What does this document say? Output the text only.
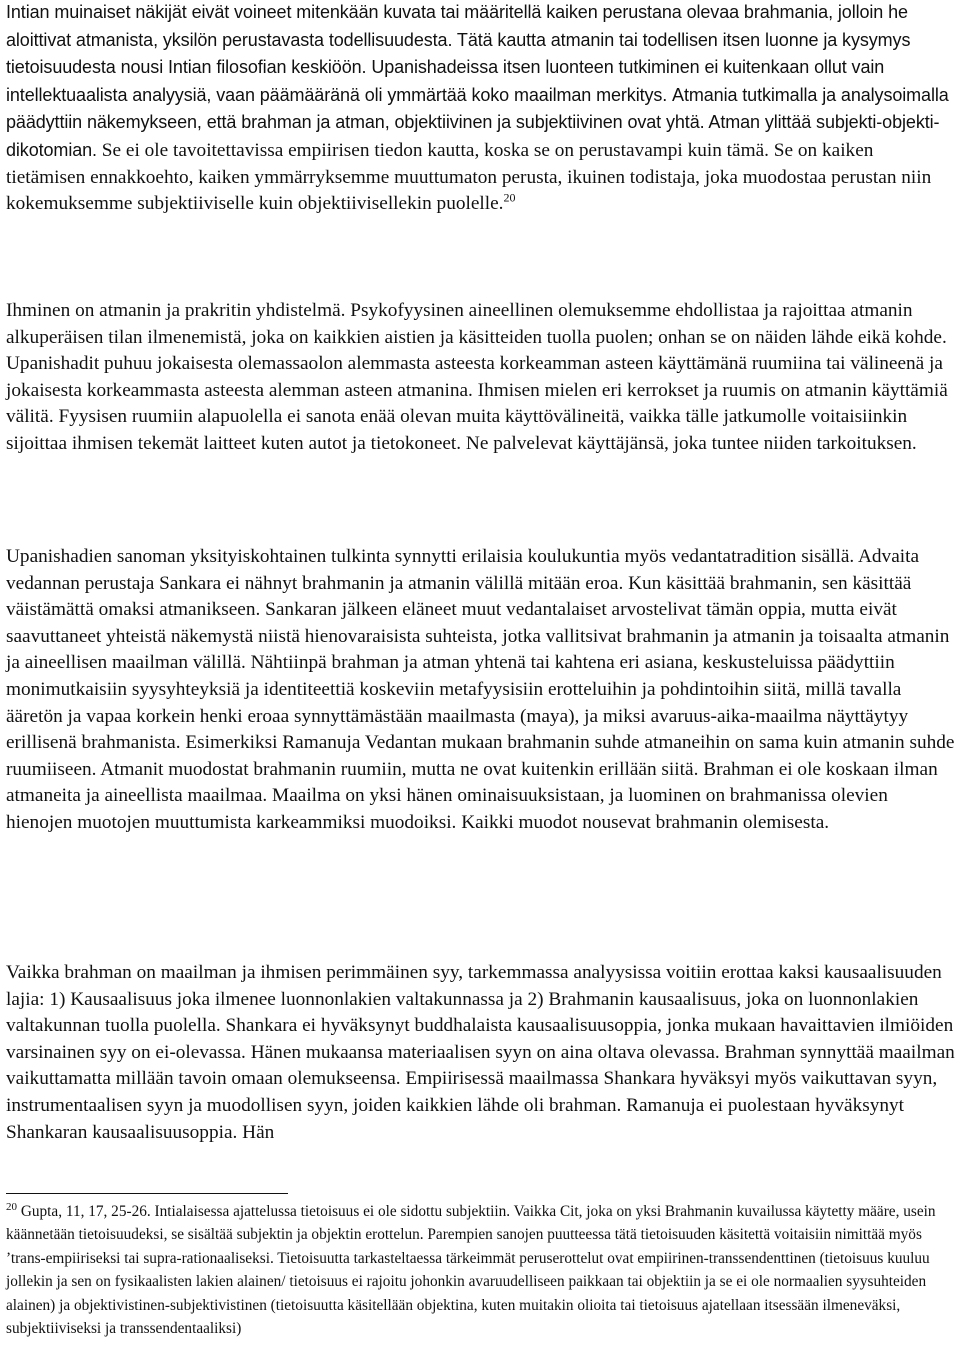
Intian muinaiset näkijät eivät voineet mitenkään kuvata tai määritellä kaiken perustana olevaa brahmania, jolloin he aloittivat atmanista, yksilön perustavasta todellisuudesta. Tätä kautta atmanin tai todellisen itsen luonne ja kysymys tietoisuudesta nousi Intian filosofian keskiöön. Upanishadeissa itsen luonteen tutkiminen ei kuitenkaan ollut vain intellektuaalista analyysiä, vaan päämääränä oli ymmärtää koko maailman merkitys. Atmania tutkimalla ja analysoimalla päädyttiin näkemykseen, että brahman ja atman, objektiivinen ja subjektiivinen ovat yhtä. Atman ylittää subjekti-objekti-dikotomian. Se ei ole tavoitettavissa empiirisen tiedon kautta, koska se on perustavampi kuin tämä. Se on kaiken tietämisen ennakkoehto, kaiken ymmärryksemme muuttumaton perusta, ikuinen todistaja, joka muodostaa perustan niin kokemuksemme subjektiiviselle kuin objektiivisellekin puolelle.$^{20}$

Ihminen on atmanin ja prakritin yhdistelmä. Psykofyysinen aineellinen olemuksemme ehdollistaa ja rajoittaa atmanin alkuperäisen tilan ilmenemistä, joka on kaikkien aistien ja käsitteiden tuolla puolen; onhan se on näiden lähde eikä kohde. Upanishadit puhuu jokaisesta olemassaolon alemmasta asteesta korkeamman asteen käyttämänä ruumiina tai välineenä ja jokaisesta korkeammasta asteesta alemman asteen atmanina. Ihmisen mielen eri kerrokset ja ruumis on atmanin käyttämiä välitä. Fyysisen ruumiin alapuolella ei sanota enää olevan muita käyttövälineitä, vaikka tälle jatkumolle voitaisiinkin sijoittaa ihmisen tekemät laitteet kuten autot ja tietokoneet. Ne palvelevat käyttäjänsä, joka tuntee niiden tarkoituksen.

Upanishadien sanoman yksityiskohtainen tulkinta synnytti erilaisia koulukuntia myös vedantatradition sisällä. Advaita vedannan perustaja Sankara ei nähnyt brahmanin ja atmanin välillä mitään eroa. Kun käsittää brahmanin, sen käsittää väistämättä omaksi atmanikseen. Sankaran jälkeen eläneet muut vedantalaiset arvostelivat tämän oppia, mutta eivät saavuttaneet yhteistä näkemystä niistä hienovaraisista suhteista, jotka vallitsivat brahmanin ja atmanin ja toisaalta atmanin ja aineellisen maailman välillä. Nähtiinpä brahman ja atman yhtenä tai kahtena eri asiana, keskusteluissa päädyttiin monimutkaisiin syysyhteyksiä ja identiteettiä koskeviin metafyysisiin erotteluihin ja pohdintoihin siitä, millä tavalla ääretön ja vapaa korkein henki eroaa synnyttämästään maailmasta (maya), ja miksi avaruus-aika-maailma näyttäytyy erillisenä brahmanista. Esimerkiksi Ramanuja Vedantan mukaan brahmanin suhde atmaneihin on sama kuin atmanin suhde ruumiiseen. Atmanit muodostat brahmanin ruumiin, mutta ne ovat kuitenkin erillään siitä. Brahman ei ole koskaan ilman atmaneita ja aineellista maailmaa. Maailma on yksi hänen ominaisuuksistaan, ja luominen on brahmanissa olevien hienojen muotojen muuttumista karkeammiksi muodoiksi. Kaikki muodot nousevat brahmanin olemisesta.

Vaikka brahman on maailman ja ihmisen perimmäinen syy, tarkemmassa analyysissa voitiin erottaa kaksi kausaalisuuden lajia: 1) Kausaalisuus joka ilmenee luonnonlakien valtakunnassa ja 2) Brahmanin kausaalisuus, joka on luonnonlakien valtakunnan tuolla puolella. Shankara ei hyväksynyt buddhalaista kausaalisuusoppia, jonka mukaan havaittavien ilmiöiden varsinainen syy on ei-olevassa. Hänen mukaansa materiaalisen syyn on aina oltava olevassa. Brahman synnyttää maailman vaikuttamatta millään tavoin omaan olemukseensa. Empiirisessä maailmassa Shankara hyväksyi myös vaikuttavan syyn, instrumentaalisen syyn ja muodollisen syyn, joiden kaikkien lähde oli brahman. Ramanuja ei puolestaan hyväksynyt Shankaran kausaalisuusoppia. Hän

$^{20}$ Gupta, 11, 17, 25-26. Intialaisessa ajattelussa tietoisuus ei ole sidottu subjektiin. Vaikka Cit, joka on yksi Brahmanin kuvailussa käytetty määre, usein käännetään tietoisuudeksi, se sisältää subjektin ja objektin erottelun. Parempien sanojen puutteessa tätä tietoisuuden käsitettä voitaisiin nimittää myös ’trans-empiiriseksi tai supra-rationaaliseksi. Tietoisuutta tarkasteltaessa tärkeimmät peruserottelut ovat empiirinen-transsendenttinen (tietoisuus kuuluu jollekin ja sen on fysikaalisten lakien alainen/ tietoisuus ei rajoitu johonkin avaruudelliseen paikkaan tai objektiin ja se ei ole normaalien syysuhteiden alainen) ja objektivistinen-subjektivistinen (tietoisuutta käsitellään objektina, kuten muitakin olioita tai tietoisuus ajatellaan itsessään ilmeneväksi, subjektiiviseksi ja transsendentaaliksi)
